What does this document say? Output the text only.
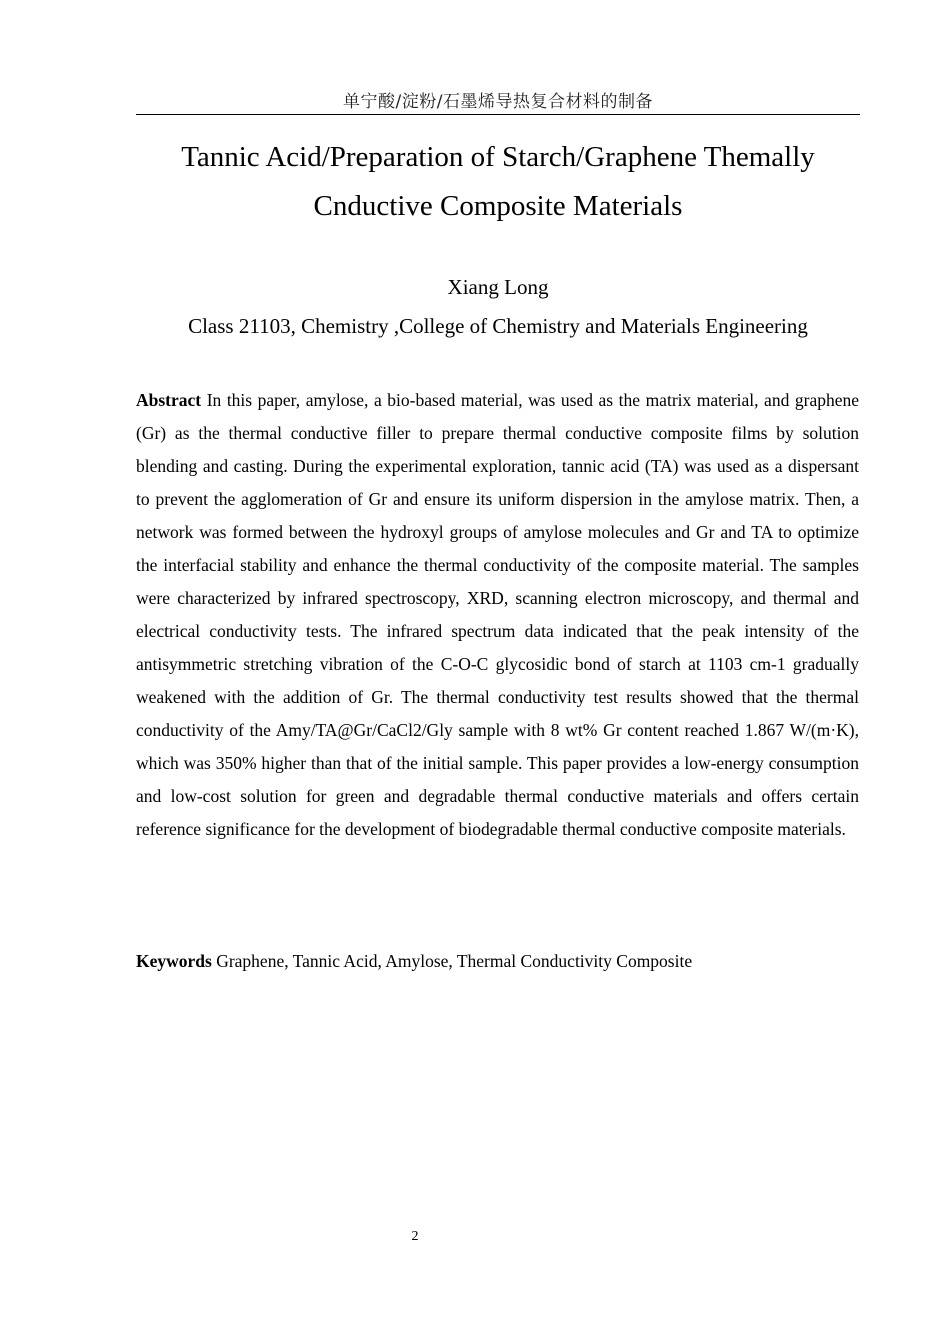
单宁酸/淀粉/石墨烯导热复合材料的制备
Tannic Acid/Preparation of Starch/Graphene Themally
Cnductive Composite Materials
Xiang Long
Class 21103, Chemistry ,College of Chemistry and Materials Engineering

Abstract In this paper, amylose, a bio-based material, was used as the matrix material, and graphene (Gr) as the thermal conductive filler to prepare thermal conductive composite films by solution blending and casting. During the experimental exploration, tannic acid (TA) was used as a dispersant to prevent the agglomeration of Gr and ensure its uniform dispersion in the amylose matrix. Then, a network was formed between the hydroxyl groups of amylose molecules and Gr and TA to optimize the interfacial stability and enhance the thermal conductivity of the composite material. The samples were characterized by infrared spectroscopy, XRD, scanning electron microscopy, and thermal and electrical conductivity tests. The infrared spectrum data indicated that the peak intensity of the antisymmetric stretching vibration of the C-O-C glycosidic bond of starch at 1103 cm-1 gradually weakened with the addition of Gr. The thermal conductivity test results showed that the thermal conductivity of the Amy/TA@Gr/CaCl2/Gly sample with 8 wt% Gr content reached 1.867 W/(m·K), which was 350% higher than that of the initial sample. This paper provides a low-energy consumption and low-cost solution for green and degradable thermal conductive materials and offers certain reference significance for the development of biodegradable thermal conductive composite materials.

Keywords Graphene, Tannic Acid, Amylose, Thermal Conductivity Composite

2
